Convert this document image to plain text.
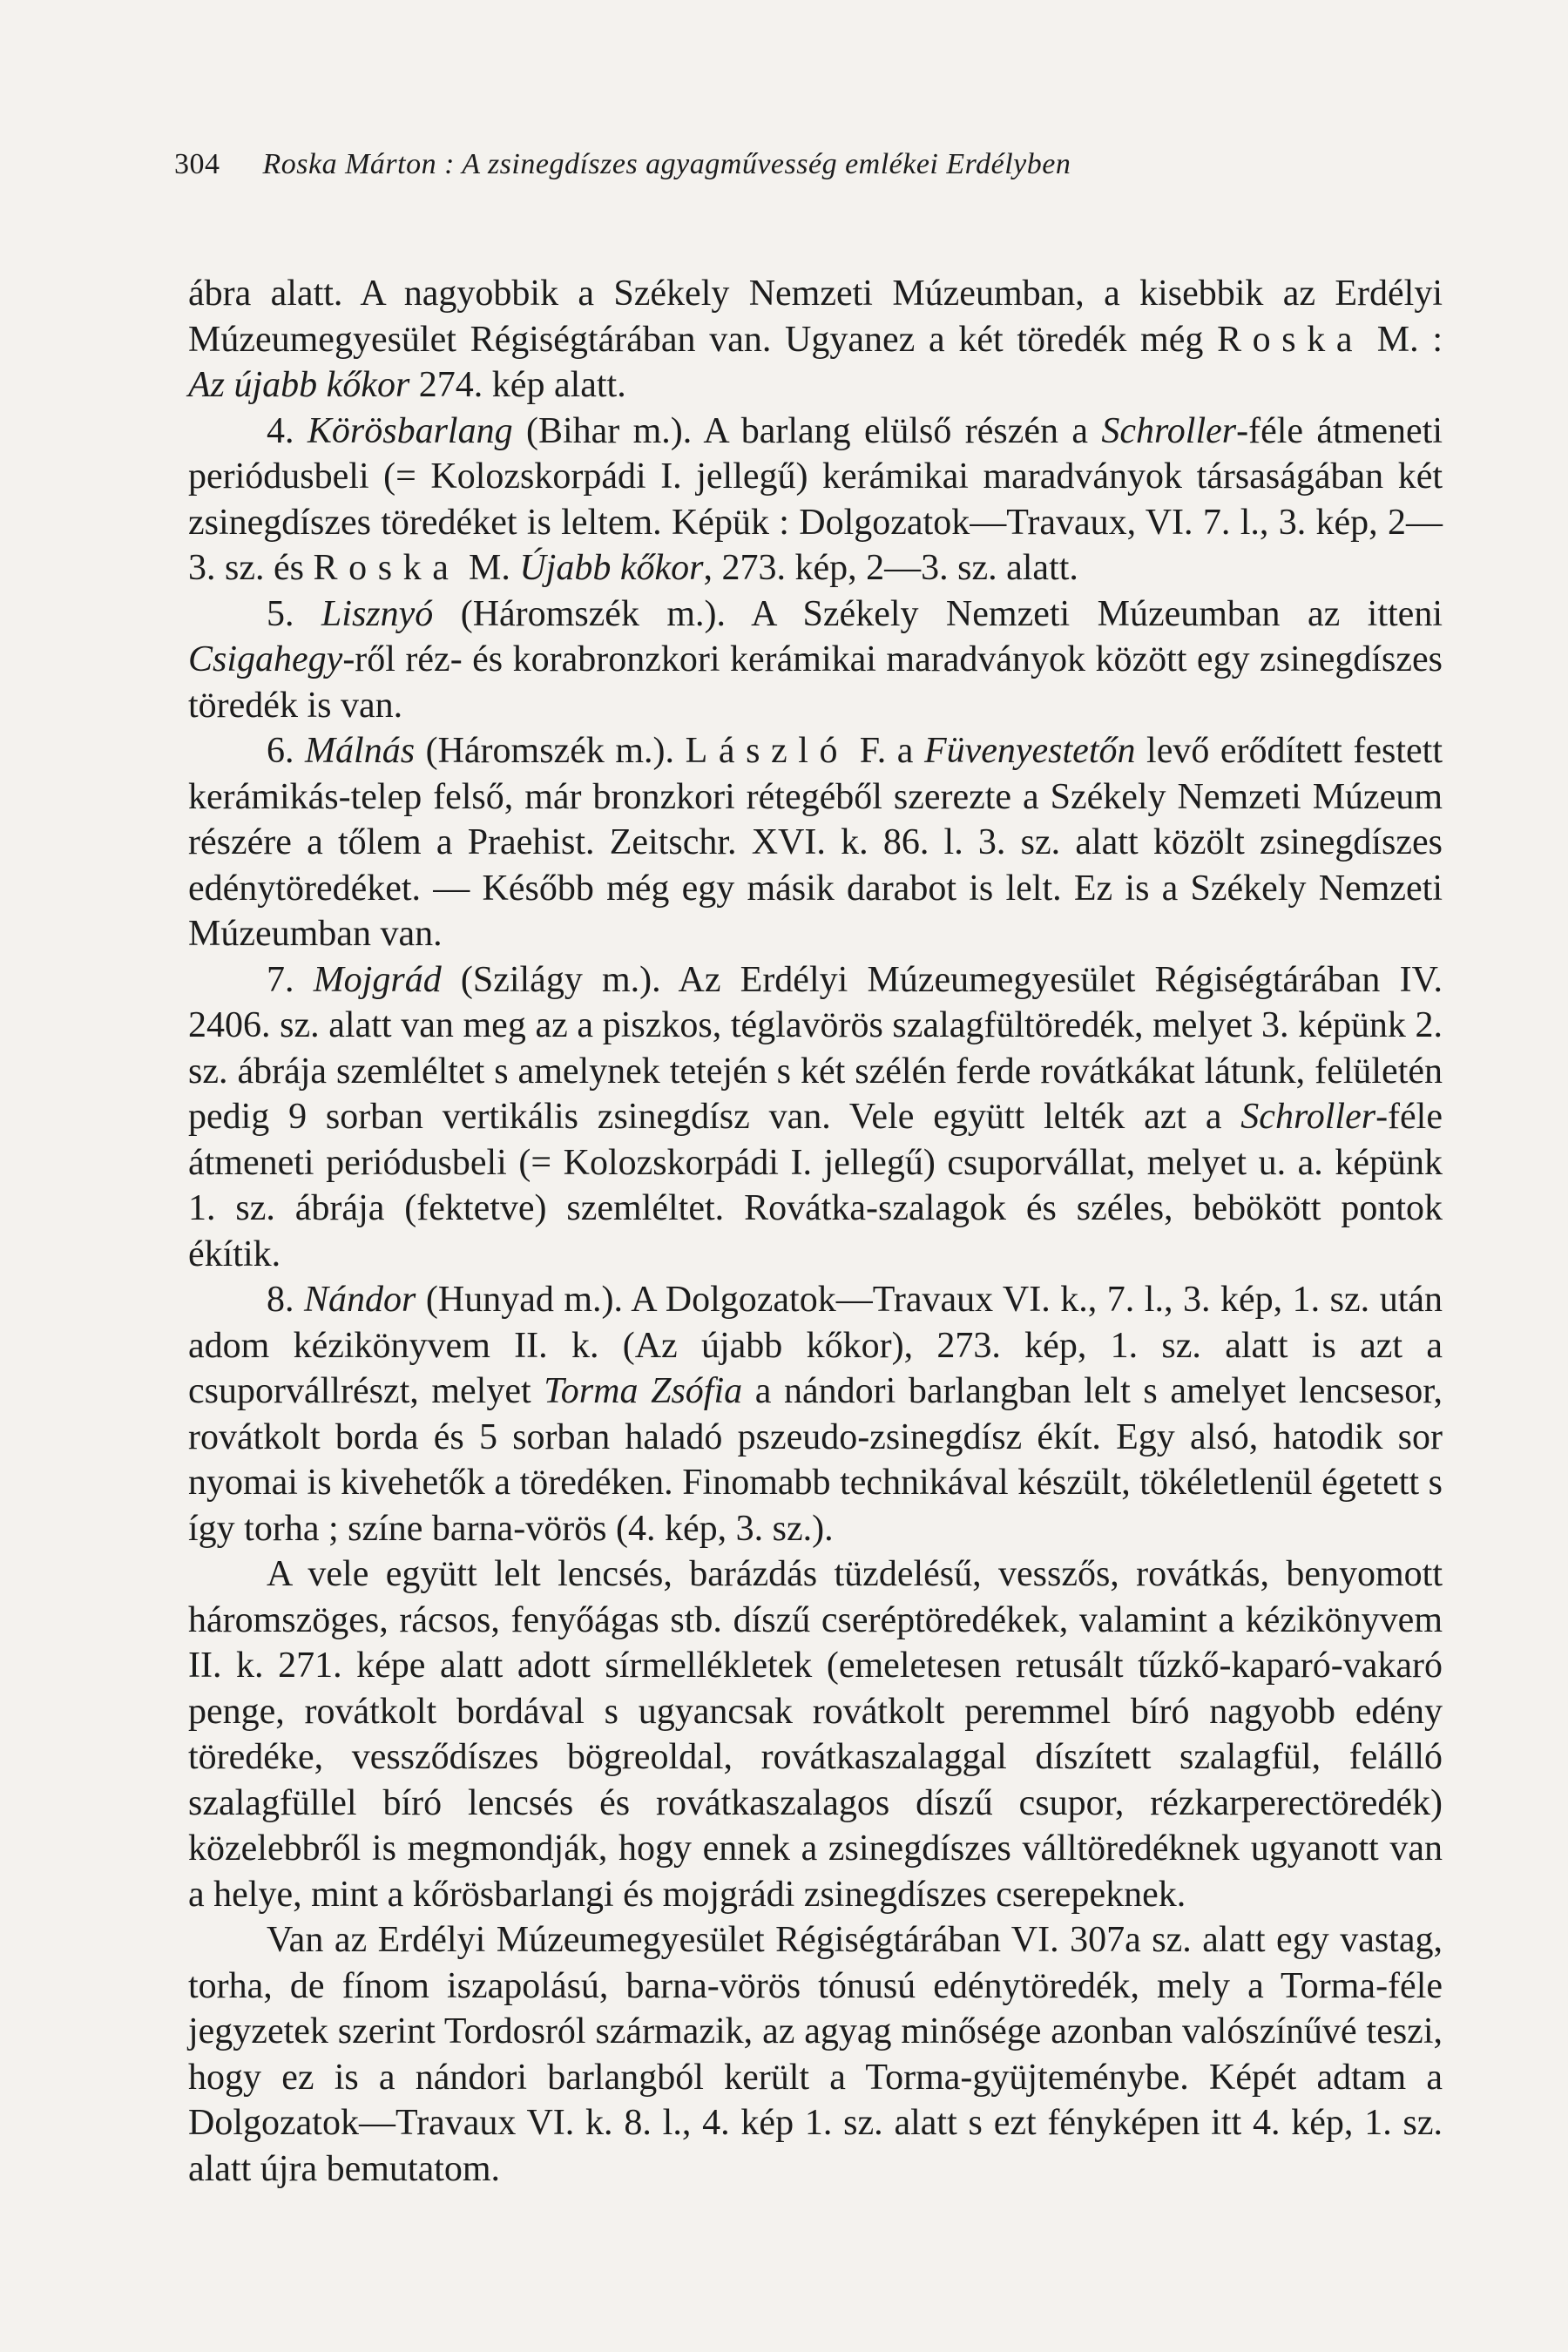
304 Roska Márton : A zsinegdíszes agyagművesség emlékei Erdélyben

ábra alatt. A nagyobbik a Székely Nemzeti Múzeumban, a kisebbik az Erdélyi Múzeumegyesület Régiségtárában van. Ugyanez a két töredék még Roska M. : Az újabb kőkor 274. kép alatt.

4. Körösbarlang (Bihar m.). A barlang elülső részén a Schroller-féle átmeneti periódusbeli (= Kolozskorpádi I. jellegű) kerámikai maradványok társaságában két zsinegdíszes töredéket is leltem. Képük : Dolgozatok—Travaux, VI. 7. l., 3. kép, 2—3. sz. és Roska M. Újabb kőkor, 273. kép, 2—3. sz. alatt.

5. Lisznyó (Háromszék m.). A Székely Nemzeti Múzeumban az itteni Csigahegy-ről réz- és korabronzkori kerámikai maradványok között egy zsinegdíszes töredék is van.

6. Málnás (Háromszék m.). László F. a Füvenyestetőn levő erődített festett kerámikás-telep felső, már bronzkori rétegéből szerezte a Székely Nemzeti Múzeum részére a tőlem a Praehist. Zeitschr. XVI. k. 86. l. 3. sz. alatt közölt zsinegdíszes edénytöredéket. — Később még egy másik darabot is lelt. Ez is a Székely Nemzeti Múzeumban van.

7. Mojgrád (Szilágy m.). Az Erdélyi Múzeumegyesület Régiségtárában IV. 2406. sz. alatt van meg az a piszkos, téglavörös szalagfültöredék, melyet 3. képünk 2. sz. ábrája szemléltet s amelynek tetején s két szélén ferde rovátkákat látunk, felületén pedig 9 sorban vertikális zsinegdísz van. Vele együtt lelték azt a Schroller-féle átmeneti periódusbeli (= Kolozskorpádi I. jellegű) csuporvállat, melyet u. a. képünk 1. sz. ábrája (fektetve) szemléltet. Rovátka-szalagok és széles, bebökött pontok ékítik.

8. Nándor (Hunyad m.). A Dolgozatok—Travaux VI. k., 7. l., 3. kép, 1. sz. után adom kézikönyvem II. k. (Az újabb kőkor), 273. kép, 1. sz. alatt is azt a csuporvállrészt, melyet Torma Zsófia a nándori barlangban lelt s amelyet lencsesor, rovátkolt borda és 5 sorban haladó pszeudo-zsinegdísz ékít. Egy alsó, hatodik sor nyomai is kivehetők a töredéken. Finomabb technikával készült, tökéletlenül égetett s így torha ; színe barna-vörös (4. kép, 3. sz.).

A vele együtt lelt lencsés, barázdás tüzdelésű, vesszős, rovátkás, benyomott háromszöges, rácsos, fenyőágas stb. díszű cseréptöredékek, valamint a kézikönyvem II. k. 271. képe alatt adott sírmellékletek (emeletesen retusált tűzkő-kaparó-vakaró penge, rovátkolt bordával s ugyancsak rovátkolt peremmel bíró nagyobb edény töredéke, vessződíszes bögreoldal, rovátkaszalaggal díszített szalagfül, felálló szalagfüllel bíró lencsés és rovátkaszalagos díszű csupor, rézkarperectöredék) közelebbről is megmondják, hogy ennek a zsinegdíszes válltöredéknek ugyanott van a helye, mint a kőrösbarlangi és mojgrádi zsinegdíszes cserepeknek.

Van az Erdélyi Múzeumegyesület Régiségtárában VI. 307a sz. alatt egy vastag, torha, de fínom iszapolású, barna-vörös tónusú edénytöredék, mely a Torma-féle jegyzetek szerint Tordosról származik, az agyag minősége azonban valószínűvé teszi, hogy ez is a nándori barlangból került a Torma-gyüjteménybe. Képét adtam a Dolgozatok—Travaux VI. k. 8. l., 4. kép 1. sz. alatt s ezt fényképen itt 4. kép, 1. sz. alatt újra bemutatom.
